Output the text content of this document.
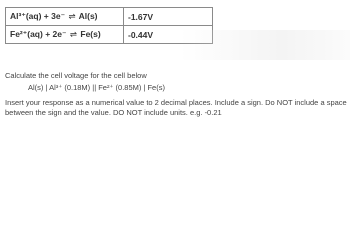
Al³⁺(aq) + 3e⁻ ⇌ Al(s)	-1.67V
Fe²⁺(aq) + 2e⁻ ⇌ Fe(s)	-0.44V

Calculate the cell voltage for the cell below

Al(s) | Al³⁺ (0.18M) || Fe²⁺ (0.85M) | Fe(s)

Insert your response as a numerical value to 2 decimal places. Include a sign. Do NOT include a space between the sign and the value. DO NOT include units. e.g. -0.21
